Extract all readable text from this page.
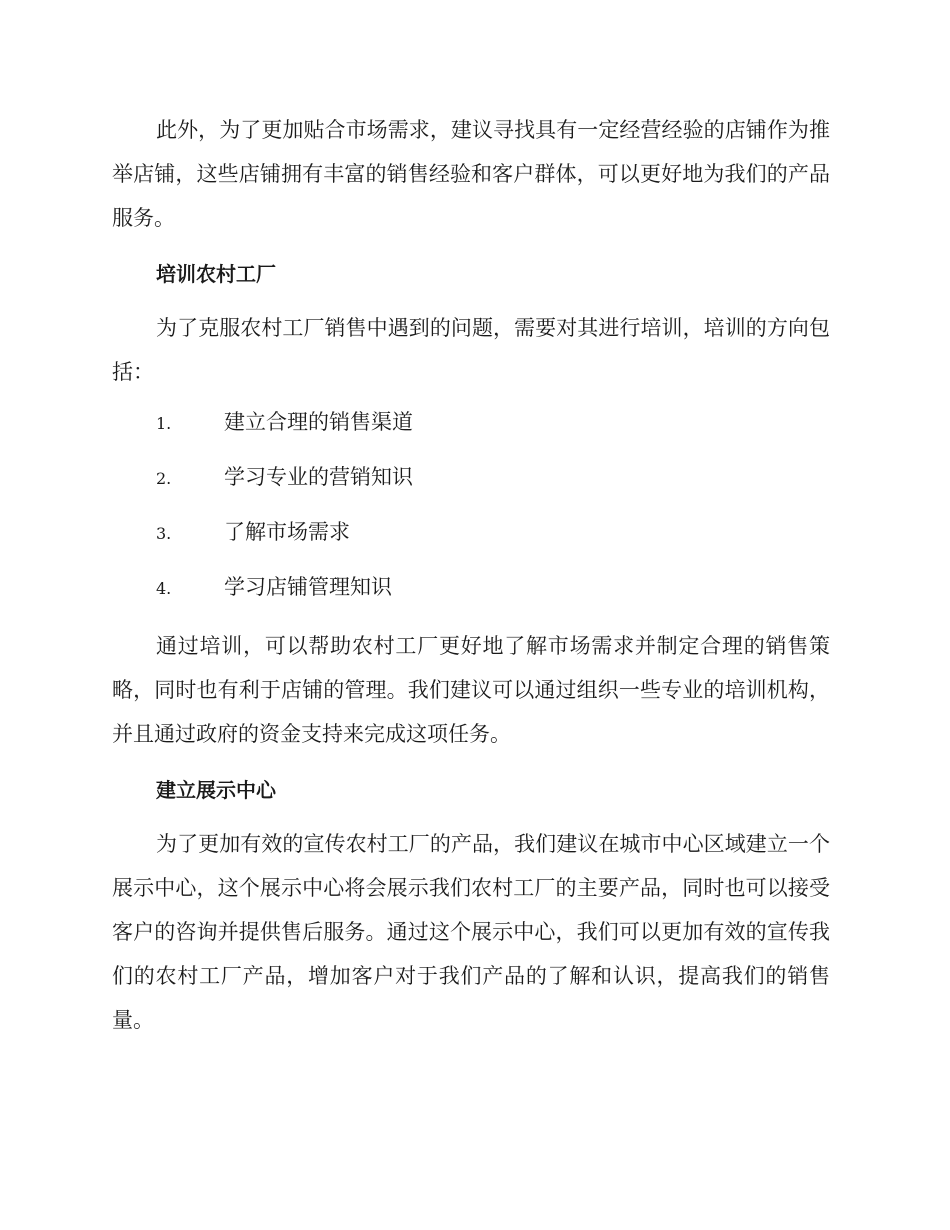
此外，为了更加贴合市场需求，建议寻找具有一定经营经验的店铺作为推举店铺，这些店铺拥有丰富的销售经验和客户群体，可以更好地为我们的产品服务。

培训农村工厂

为了克服农村工厂销售中遇到的问题，需要对其进行培训，培训的方向包括：

1.	建立合理的销售渠道
2.	学习专业的营销知识
3.	了解市场需求
4.	学习店铺管理知识

通过培训，可以帮助农村工厂更好地了解市场需求并制定合理的销售策略，同时也有利于店铺的管理。我们建议可以通过组织一些专业的培训机构，并且通过政府的资金支持来完成这项任务。

建立展示中心

为了更加有效的宣传农村工厂的产品，我们建议在城市中心区域建立一个展示中心，这个展示中心将会展示我们农村工厂的主要产品，同时也可以接受客户的咨询并提供售后服务。通过这个展示中心，我们可以更加有效的宣传我们的农村工厂产品，增加客户对于我们产品的了解和认识，提高我们的销售量。
